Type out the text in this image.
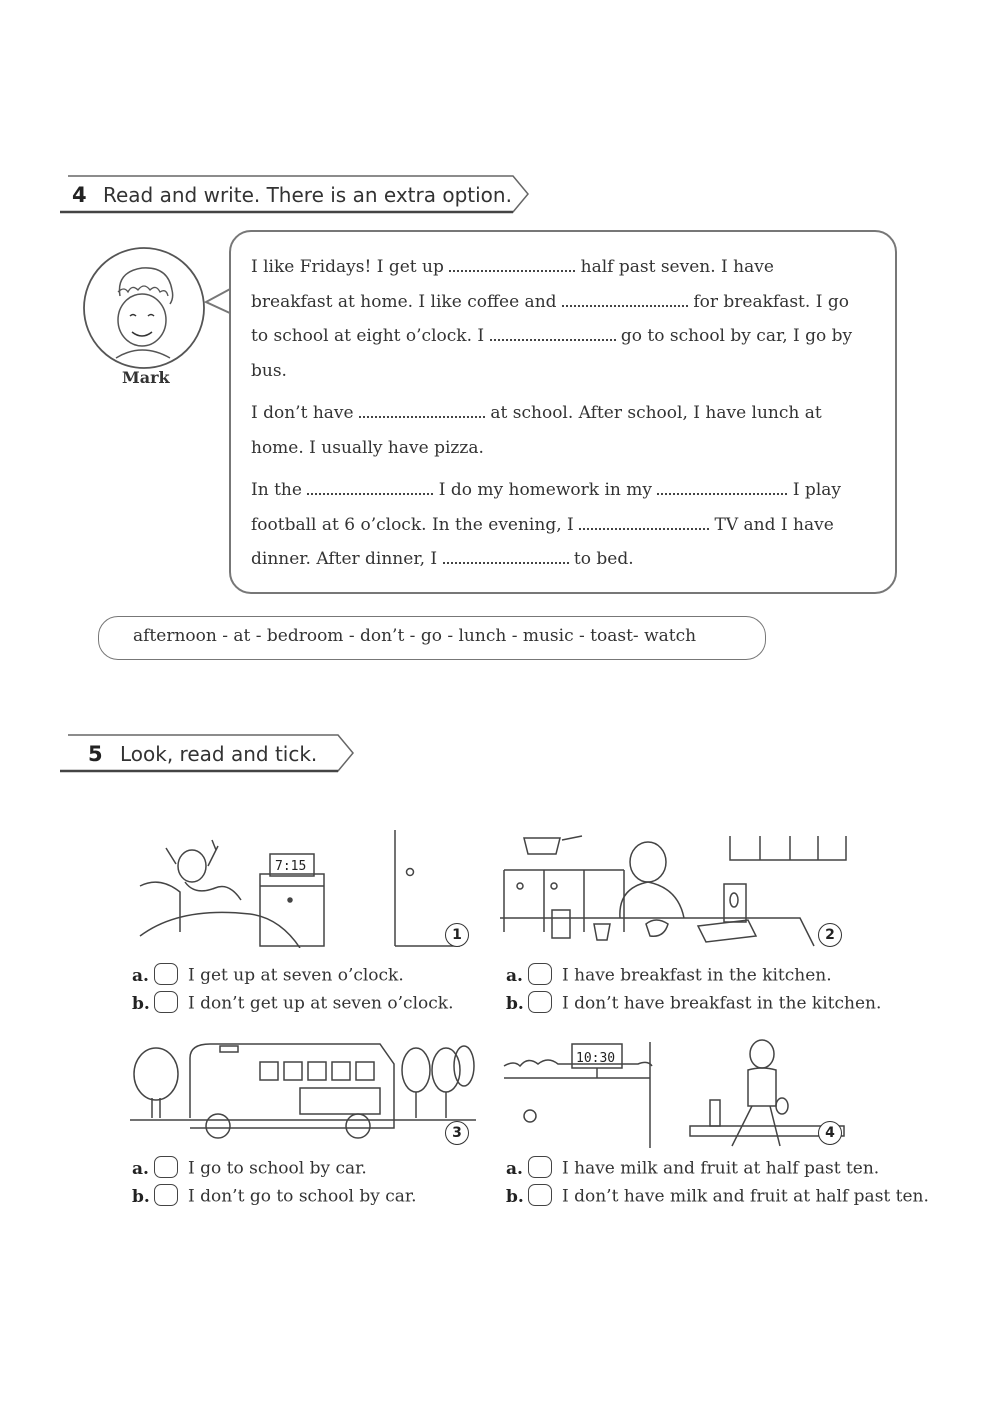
4 Read and write. There is an extra option.
Mark

I like Fridays! I get up	half past seven. I have
breakfast at home. I like coffee and	for breakfast. I go
to school at eight o’clock. I	go to school by car, I go by
bus.

I don’t have	at school. After school, I have lunch at
home. I usually have pizza.

In the	I do my homework in my	I play
football at 6 o’clock. In the evening, I	TV and I have
dinner. After dinner, I	to bed.

afternoon - at - bedroom - don’t - go - lunch - music - toast- watch
5 Look, read and tick.
7:15
1	2
a. I get up at seven o’clock.
b. I don’t get up at seven o’clock.
a. I have breakfast in the kitchen.
b. I don’t have breakfast in the kitchen.
3
10:30
4
a. I go to school by car.
b. I don’t go to school by car.
a. I have milk and fruit at half past ten.
b. I don’t have milk and fruit at half past ten.
